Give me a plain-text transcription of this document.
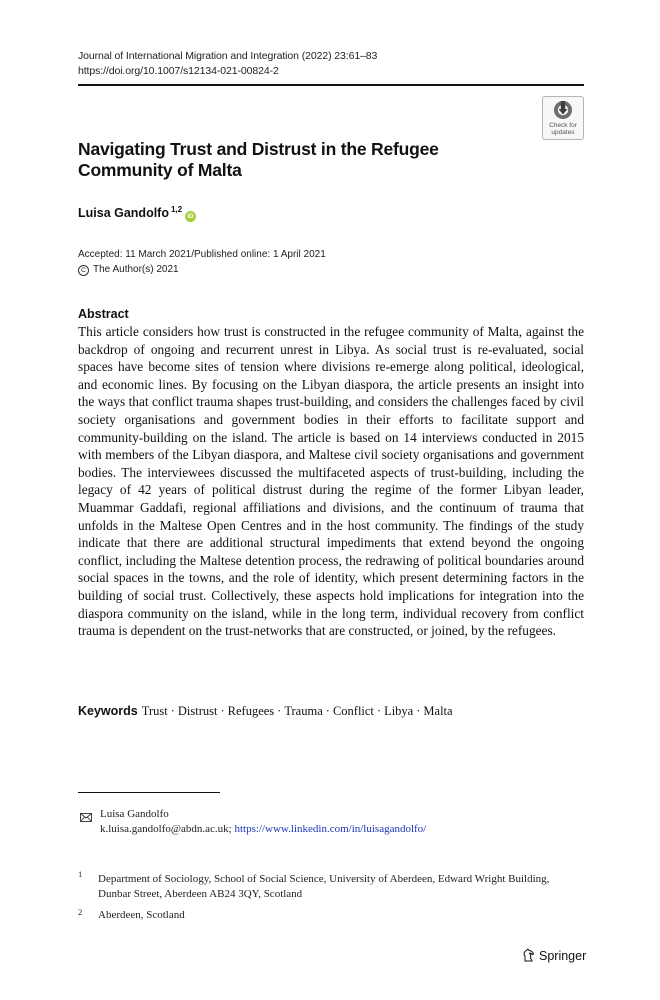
Journal of International Migration and Integration (2022) 23:61–83
https://doi.org/10.1007/s12134-021-00824-2
Check for
updates
Navigating Trust and Distrust in the Refugee
Community of Malta
Luisa Gandolfo $^{1,2}$iD
Accepted: 11 March 2021/Published online: 1 April 2021
C The Author(s) 2021
Abstract
This article considers how trust is constructed in the refugee community of Malta, against the backdrop of ongoing and recurrent unrest in Libya. As social trust is re-evaluated, social spaces have become sites of tension where divisions re-emerge along political, ideological, and economic lines. By focusing on the Libyan diaspora, the article presents an insight into the ways that conflict trauma shapes trust-building, and considers the challenges faced by civil society organisations and government bodies in their efforts to facilitate support and community-building on the island. The article is based on 14 interviews conducted in 2015 with members of the Libyan diaspora, and Maltese civil society organisations and government bodies. The interviewees discussed the multifaceted aspects of trust-building, including the legacy of 42 years of political distrust during the regime of the former Libyan leader, Muammar Gaddafi, regional affiliations and divisions, and the continuum of trauma that unfolds in the Maltese Open Centres and in the host community. The findings of the study indicate that there are additional structural impediments that extend beyond the ongoing conflict, including the Maltese detention process, the redrawing of political boundaries around social spaces in the towns, and the role of identity, which present determining factors in the building of social trust. Collectively, these aspects hold implications for integration into the diaspora community on the island, while in the long term, individual recovery from conflict trauma is dependent on the trust-networks that are constructed, or joined, by the refugees.
Keywords Trust · Distrust · Refugees · Trauma · Conflict · Libya · Malta
Luisa Gandolfo
k.luisa.gandolfo@abdn.ac.uk; https://www.linkedin.com/in/luisagandolfo/
1 Department of Sociology, School of Social Science, University of Aberdeen, Edward Wright Building, Dunbar Street, Aberdeen AB24 3QY, Scotland
2 Aberdeen, Scotland
Springer
